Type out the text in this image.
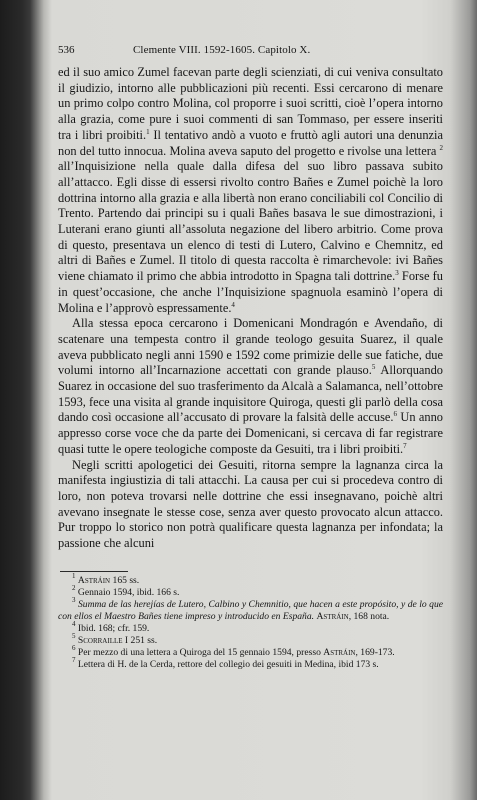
536	Clemente VIII. 1592-1605. Capitolo X.

ed il suo amico Zumel facevan parte degli scienziati, di cui veniva consultato il giudizio, intorno alle pubblicazioni più recenti. Essi cercarono di menare un primo colpo contro Molina, col proporre i suoi scritti, cioè l’opera intorno alla grazia, come pure i suoi commenti di san Tommaso, per essere inseriti tra i libri proibiti.$^1$ Il tentativo andò a vuoto e fruttò agli autori una denunzia non del tutto innocua. Molina aveva saputo del progetto e rivolse una lettera $^2$ all’Inquisizione nella quale dalla difesa del suo libro passava subito all’attacco. Egli disse di essersi rivolto contro Bañes e Zumel poichè la loro dottrina intorno alla grazia e alla libertà non erano conciliabili col Concilio di Trento. Partendo dai principi su i quali Bañes basava le sue dimostrazioni, i Luterani erano giunti all’assoluta negazione del libero arbitrio. Come prova di questo, presentava un elenco di testi di Lutero, Calvino e Chemnitz, ed altri di Bañes e Zumel. Il titolo di questa raccolta è rimarchevole: ivi Bañes viene chiamato il primo che abbia introdotto in Spagna tali dottrine.$^3$ Forse fu in quest’occasione, che anche l’Inquisizione spagnuola esaminò l’opera di Molina e l’approvò espressamente.$^4$

Alla stessa epoca cercarono i Domenicani Mondragón e Avendaño, di scatenare una tempesta contro il grande teologo gesuita Suarez, il quale aveva pubblicato negli anni 1590 e 1592 come primizie delle sue fatiche, due volumi intorno all’Incarnazione accettati con grande plauso.$^5$ Allorquando Suarez in occasione del suo trasferimento da Alcalà a Salamanca, nell’ottobre 1593, fece una visita al grande inquisitore Quiroga, questi gli parlò della cosa dando così occasione all’accusato di provare la falsità delle accuse.$^6$ Un anno appresso corse voce che da parte dei Domenicani, si cercava di far registrare quasi tutte le opere teologiche composte da Gesuiti, tra i libri proibiti.$^7$

Negli scritti apologetici dei Gesuiti, ritorna sempre la lagnanza circa la manifesta ingiustizia di tali attacchi. La causa per cui si procedeva contro di loro, non poteva trovarsi nelle dottrine che essi insegnavano, poichè altri avevano insegnate le stesse cose, senza aver questo provocato alcun attacco. Pur troppo lo storico non potrà qualificare questa lagnanza per infondata; la passione che alcuni

$^1$ Astráin 165 ss.

$^2$ Gennaio 1594, ibid. 166 s.

$^3$ Summa de las herejías de Lutero, Calbino y Chemnitio, que hacen a este propósito, y de lo que con ellos el Maestro Bañes tiene impreso y introducido en España. Astráin, 168 nota.

$^4$ Ibid. 168; cfr. 159.

$^5$ Scorraille I 251 ss.

$^6$ Per mezzo di una lettera a Quiroga del 15 gennaio 1594, presso Astráin, 169-173.

$^7$ Lettera di H. de la Cerda, rettore del collegio dei gesuiti in Medina, ibid 173 s.
